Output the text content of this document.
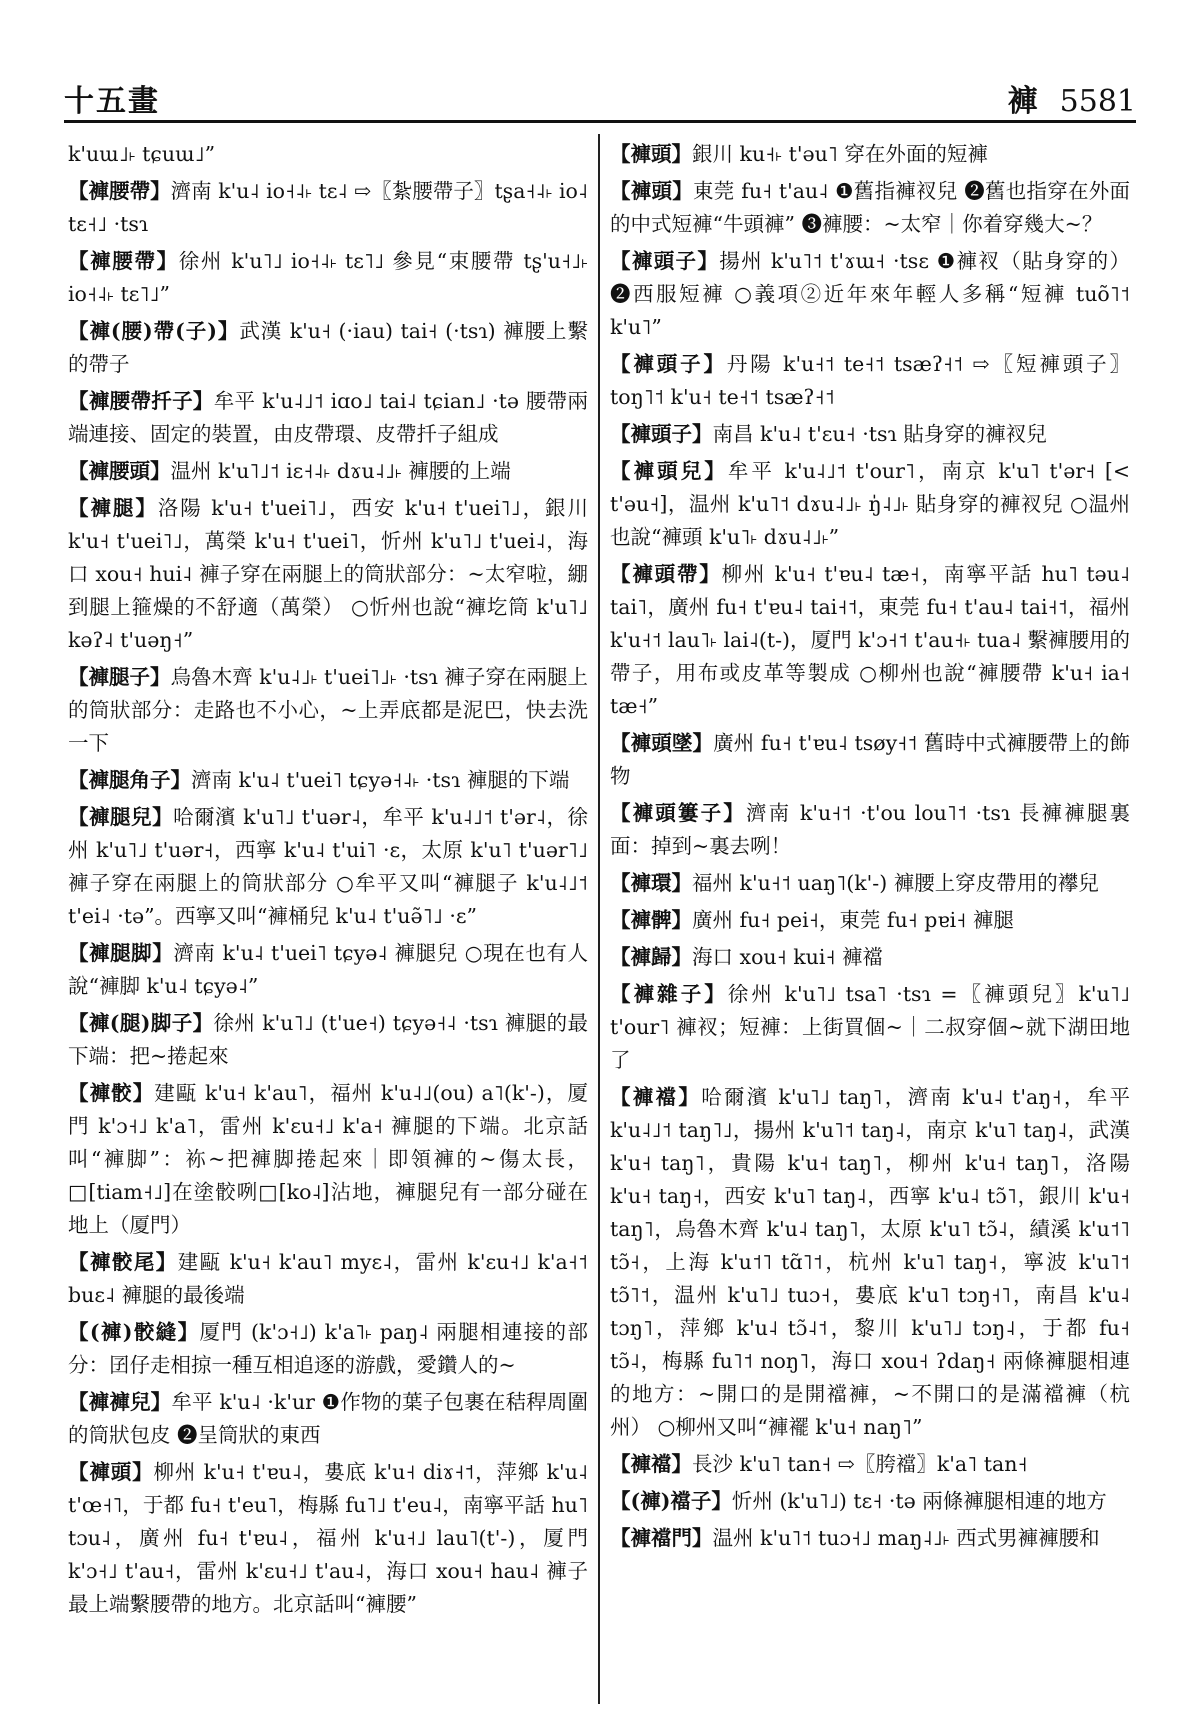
十五畫	褲 5581

k'uɯ˩˫ tɕuɯ˩”

【褲腰帶】濟南 k'u˨ io˧˨˫ tɛ˨ ⇨〖紮腰帶子〗tʂa˧˨˫ io˨ tɛ˧˩ ·tsɿ

【褲腰帶】徐州 k'u˥˩ io˧˨˫ tɛ˥˩ 參見“束腰帶 tʂ'u˧˩˫ io˧˨˫ tɛ˥˩”

【褲(腰)帶(子)】武漢 k'u˧ (·iau) tai˧ (·tsɿ) 褲腰上繫的帶子

【褲腰帶扦子】牟平 k'u˨˩˦ iɑo˩ tai˨ tɕian˩ ·tə 腰帶兩端連接、固定的裝置，由皮帶環、皮帶扦子組成

【褲腰頭】温州 k'u˥˩˦ iɛ˧˨˫ dɤu˨˩˫ 褲腰的上端

【褲腿】洛陽 k'u˧ t'uei˥˩，西安 k'u˧ t'uei˥˩，銀川 k'u˧ t'uei˥˩，萬榮 k'u˧ t'uei˥，忻州 k'u˥˩ t'uei˨，海口 xou˧ hui˨ 褲子穿在兩腿上的筒狀部分：~太窄啦，綳到腿上箍燥的不舒適（萬榮） ○忻州也說“褲圪筒 k'u˥˩ kəʔ˨ t'uəŋ˧”

【褲腿子】烏魯木齊 k'u˨˩˫ t'uei˥˩˫ ·tsɿ 褲子穿在兩腿上的筒狀部分：走路也不小心，~上弄底都是泥巴，快去洗一下

【褲腿角子】濟南 k'u˨ t'uei˥ tɕyə˧˨˫ ·tsɿ 褲腿的下端

【褲腿兒】哈爾濱 k'u˥˩ t'uər˨，牟平 k'u˨˩˦ t'ər˨，徐州 k'u˥˩ t'uər˧，西寧 k'u˨ t'ui˥ ·ɛ，太原 k'u˥ t'uər˥˩ 褲子穿在兩腿上的筒狀部分 ○牟平又叫“褲腿子 k'u˨˩˦ t'ei˨ ·tə”。西寧又叫“褲桶兒 k'u˨ t'uə̃˥˩ ·ɛ”

【褲腿脚】濟南 k'u˨ t'uei˥ tɕyə˨ 褲腿兒 ○現在也有人說“褲脚 k'u˨ tɕyə˨”

【褲(腿)脚子】徐州 k'u˥˩ (t'ue˧) tɕyə˧˨ ·tsɿ 褲腿的最下端：把~捲起來

【褲骹】建甌 k'u˧ k'au˥，福州 k'u˨˩(ou) a˥(k'-)，厦門 k'ɔ˧˩ k'a˥，雷州 k'ɛu˧˩ k'a˧ 褲腿的下端。北京話叫“褲脚”：袮~把褲脚捲起來｜即領褲的~傷太長，□[tiam˧˩]在塗骹咧□[ko˨]沾地，褲腿兒有一部分碰在地上（厦門）

【褲骹尾】建甌 k'u˧ k'au˥ myɛ˨，雷州 k'ɛu˧˩ k'a˧˦ buɛ˨ 褲腿的最後端

【(褲)骹縫】厦門 (k'ɔ˧˩) k'a˥˫ paŋ˨ 兩腿相連接的部分：囝仔走相掠一種互相追逐的游戲，愛鑽人的~

【褲褲兒】牟平 k'u˨ ·k'ur ❶作物的葉子包裹在秸稈周圍的筒狀包皮 ❷呈筒狀的東西

【褲頭】柳州 k'u˧ t'ɐu˨，婁底 k'u˧ diɤ˧˦，萍鄉 k'u˨ t'œ˧˥，于都 fu˧ t'eu˥，梅縣 fu˥˩ t'eu˨，南寧平話 hu˥ tɔu˨，廣州 fu˧ t'ɐu˨，福州 k'u˧˩ lau˥(t'-)，厦門 k'ɔ˧˩ t'au˧，雷州 k'ɛu˧˩ t'au˨，海口 xou˧ hau˨ 褲子最上端繫腰帶的地方。北京話叫“褲腰”

【褲頭】銀川 ku˧˫ t'əu˥ 穿在外面的短褲

【褲頭】東莞 fu˧ t'au˨ ❶舊指褲衩兒 ❷舊也指穿在外面的中式短褲“牛頭褲” ❸褲腰：~太窄｜你着穿幾大~？

【褲頭子】揚州 k'u˥˦ t'ɤɯ˧ ·tsɛ ❶褲衩（貼身穿的） ❷西服短褲 ○義項②近年來年輕人多稱“短褲 tuõ˥˦ k'u˥”

【褲頭子】丹陽 k'u˧˦ te˧˦ tsæʔ˧˦ ⇨〖短褲頭子〗toŋ˥˦ k'u˧ te˧˦ tsæʔ˧˦

【褲頭子】南昌 k'u˨ t'ɛu˧ ·tsɿ 貼身穿的褲衩兒

【褲頭兒】牟平 k'u˨˩˦ t'our˥，南京 k'u˥ t'ər˧ [< t'əu˧]，温州 k'u˥˦ dɤu˨˩˫ ŋ̍˨˩˫ 貼身穿的褲衩兒 ○温州也說“褲頭 k'u˥˫ dɤu˨˩˫”

【褲頭帶】柳州 k'u˧ t'ɐu˨ tæ˧，南寧平話 hu˥ təu˨ tai˥，廣州 fu˧ t'ɐu˨ tai˧˦，東莞 fu˧ t'au˨ tai˧˦，福州 k'u˧˦ lau˥˫ lai˨(t-)，厦門 k'ɔ˧˦ t'au˧˫ tua˨ 繫褲腰用的帶子，用布或皮革等製成 ○柳州也說“褲腰帶 k'u˧ ia˧ tæ˧”

【褲頭墜】廣州 fu˧ t'ɐu˨ tsøy˧˦ 舊時中式褲腰帶上的飾物

【褲頭簍子】濟南 k'u˧˦ ·t'ou lou˥˦ ·tsɿ 長褲褲腿裏面：掉到~裏去咧！

【褲環】福州 k'u˧˦ uaŋ˥(k'-) 褲腰上穿皮帶用的襻兒

【褲髀】廣州 fu˧ pei˧，東莞 fu˧ pɐi˧ 褲腿

【褲歸】海口 xou˧ kui˧ 褲襠

【褲雜子】徐州 k'u˥˩ tsa˥ ·tsɿ =〖褲頭兒〗k'u˥˩ t'our˥ 褲衩；短褲：上街買個~｜二叔穿個~就下湖田地了

【褲襠】哈爾濱 k'u˥˩ taŋ˥，濟南 k'u˨ t'aŋ˧，牟平 k'u˨˩˦ taŋ˥˩，揚州 k'u˥˦ taŋ˨，南京 k'u˥ taŋ˨，武漢 k'u˧ taŋ˥，貴陽 k'u˧ taŋ˥，柳州 k'u˧ taŋ˥，洛陽 k'u˧ taŋ˧，西安 k'u˥ taŋ˨，西寧 k'u˨ tɔ̃˥，銀川 k'u˧ taŋ˥，烏魯木齊 k'u˨ taŋ˥，太原 k'u˥ tɔ̃˨，績溪 k'u˦˥ tɔ̃˧，上海 k'u˦˥ tɑ̃˥˦，杭州 k'u˥ taŋ˧，寧波 k'u˥˦ tɔ̃˥˦，温州 k'u˥˩ tuɔ˧，婁底 k'u˥ tɔŋ˧˥，南昌 k'u˨ tɔŋ˥，萍鄉 k'u˨ tɔ̃˨˦，黎川 k'u˥˩ tɔŋ˨，于都 fu˧ tɔ̃˨，梅縣 fu˥˦ noŋ˥，海口 xou˧ ʔdaŋ˧ 兩條褲腿相連的地方：~開口的是開襠褲，~不開口的是滿襠褲（杭州） ○柳州又叫“褲襬 k'u˧ naŋ˥”

【褲襠】長沙 k'u˥ tan˧ ⇨〖胯襠〗k'a˥ tan˧

【(褲)襠子】忻州 (k'u˥˩) tɛ˧ ·tə 兩條褲腿相連的地方

【褲襠門】温州 k'u˥˦ tuɔ˧˩ maŋ˨˩˫ 西式男褲褲腰和
